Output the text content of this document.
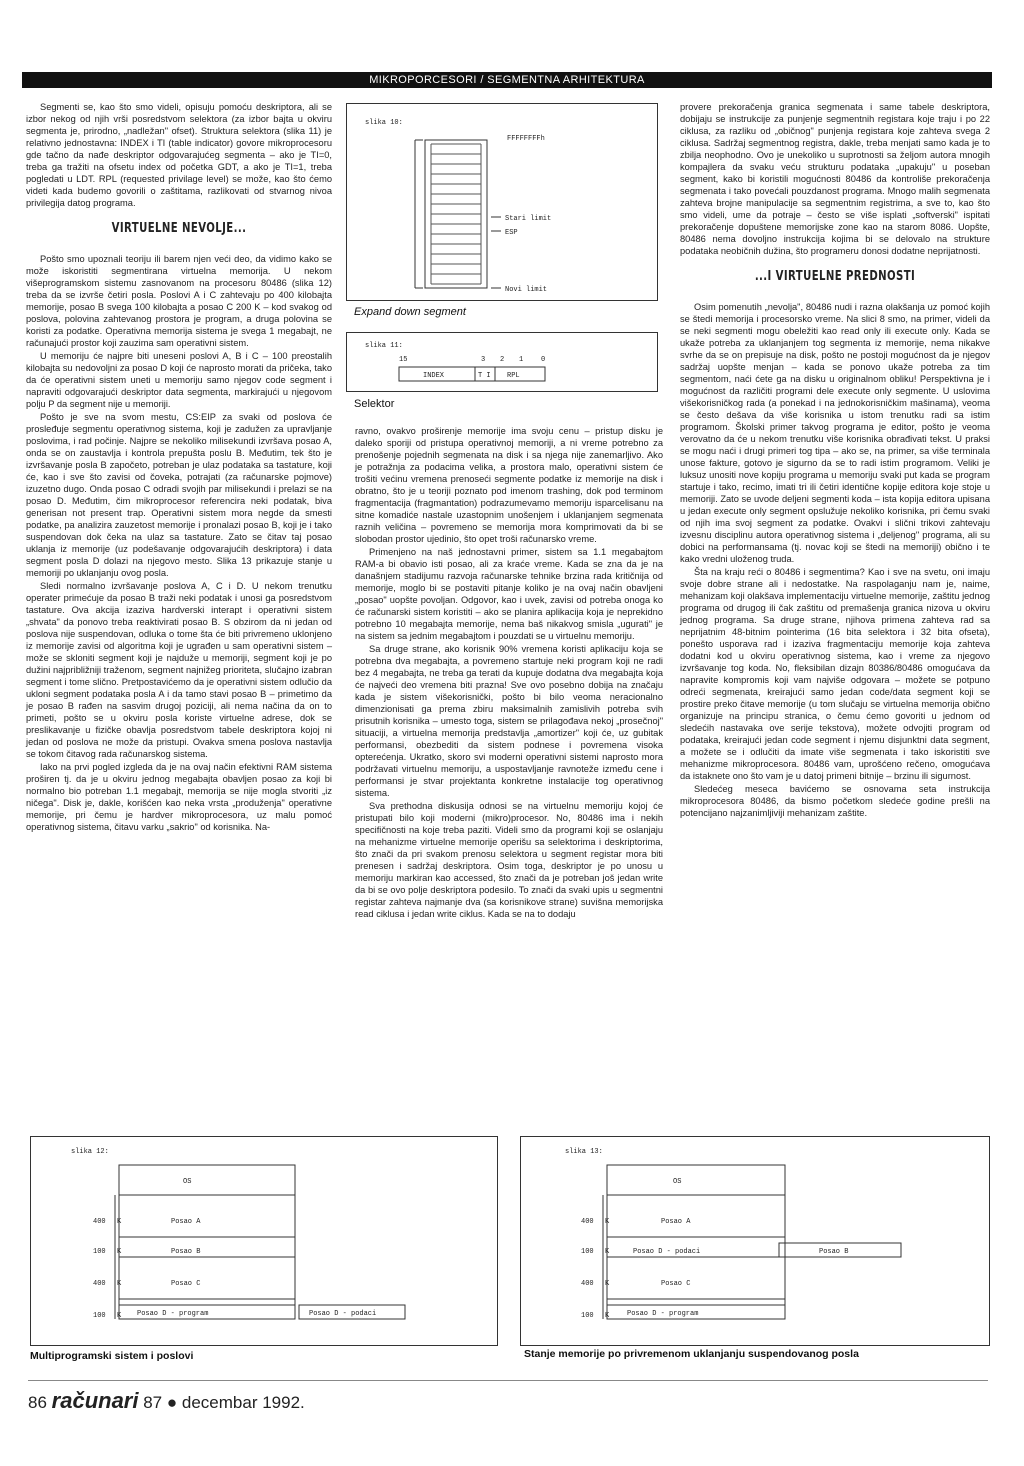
MIKROPORCESORI / SEGMENTNA ARHITEKTURA

Segmenti se, kao što smo videli, opisuju pomoću deskriptora, ali se izbor nekog od njih vrši posredstvom selektora (za izbor bajta u okviru segmenta je, prirodno, „nadležan" ofset). Struktura selektora (slika 11) je relativno jednostavna: INDEX i TI (table indicator) govore mikroprocesoru gde tačno da nađe deskriptor odgovarajućeg segmenta – ako je TI=0, treba ga tražiti na ofsetu index od početka GDT, a ako je TI=1, treba pogledati u LDT. RPL (requested privilage level) se može, kao što ćemo videti kada budemo govorili o zaštitama, razlikovati od stvarnog nivoa privilegija datog programa.

VIRTUELNE NEVOLJE...

Pošto smo upoznali teoriju ili barem njen veći deo, da vidimo kako se može iskoristiti segmentirana virtuelna memorija. U nekom višeprogramskom sistemu zasnovanom na procesoru 80486 (slika 12) treba da se izvrše četiri posla. Poslovi A i C zahtevaju po 400 kilobajta memorije, posao B svega 100 kilobajta a posao C 200 K – kod svakog od poslova, polovina zahtevanog prostora je program, a druga polovina se koristi za podatke. Operativna memorija sistema je svega 1 megabajt, ne računajući prostor koji zauzima sam operativni sistem.

U memoriju će najpre biti uneseni poslovi A, B i C – 100 preostalih kilobajta su nedovoljni za posao D koji će naprosto morati da pričeka, tako da će operativni sistem uneti u memoriju samo njegov code segment i napraviti odgovarajući deskriptor data segmenta, markirajući u njegovom polju P da segment nije u memoriji.

Pošto je sve na svom mestu, CS:EIP za svaki od poslova će prosleđuje segmentu operativnog sistema, koji je zadužen za upravljanje poslovima, i rad počinje. Najpre se nekoliko milisekundi izvršava posao A, onda se on zaustavlja i kontrola prepušta poslu B. Međutim, tek što je izvršavanje posla B započeto, potreban je ulaz podataka sa tastature, koji će, kao i sve što zavisi od čoveka, potrajati (za računarske pojmove) izuzetno dugo. Onda posao C odradi svojih par milisekundi i prelazi se na posao D. Međutim, čim mikroprocesor referencira neki podatak, biva generisan not present trap. Operativni sistem mora negde da smesti podatke, pa analizira zauzetost memorije i pronalazi posao B, koji je i tako suspendovan dok čeka na ulaz sa tastature. Zato se čitav taj posao uklanja iz memorije (uz podešavanje odgovarajućih deskriptora) i data segment posla D dolazi na njegovo mesto. Slika 13 prikazuje stanje u memoriji po uklanjanju ovog posla.

Sledi normalno izvršavanje poslova A, C i D. U nekom trenutku operater primećuje da posao B traži neki podatak i unosi ga posredstvom tastature. Ova akcija izaziva hardverski interapt i operativni sistem „shvata" da ponovo treba reaktivirati posao B. S obzirom da ni jedan od poslova nije suspendovan, odluka o tome šta će biti privremeno uklonjeno iz memorije zavisi od algoritma koji je ugrađen u sam operativni sistem – može se skloniti segment koji je najduže u memoriji, segment koji je po dužini najpribližniji traženom, segment najnižeg prioriteta, slučajno izabran segment i tome slično. Pretpostavićemo da je operativni sistem odlučio da ukloni segment podataka posla A i da tamo stavi posao B – primetimo da je posao B rađen na sasvim drugoj poziciji, ali nema načina da on to primeti, pošto se u okviru posla koriste virtuelne adrese, dok se preslikavanje u fizičke obavlja posredstvom tabele deskriptora kojoj ni jedan od poslova ne može da pristupi. Ovakva smena poslova nastavlja se tokom čitavog rada računarskog sistema.

Iako na prvi pogled izgleda da je na ovaj način efektivni RAM sistema proširen tj. da je u okviru jednog megabajta obavljen posao za koji bi normalno bio potreban 1.1 megabajt, memorija se nije mogla stvoriti „iz ničega". Disk je, dakle, korišćen kao neka vrsta „produženja" operativne memorije, pri čemu je hardver mikroprocesora, uz malu pomoć operativnog sistema, čitavu varku „sakrio" od korisnika. Na-

slika 10:
FFFFFFFFh
Stari limit
ESP
Novi limit
Expand down segment
slika 11:
15	3 2 1	0
INDEX	T I RPL
Selektor

ravno, ovakvo proširenje memorije ima svoju cenu – pristup disku je daleko sporiji od pristupa operativnoj memoriji, a ni vreme potrebno za prenošenje pojednih segmenata na disk i sa njega nije zanemarljivo. Ako je potražnja za podacima velika, a prostora malo, operativni sistem će trošiti većinu vremena prenoseći segmente podatke iz memorije na disk i obratno, što je u teoriji poznato pod imenom trashing, dok pod terminom fragmentacija (fragmantation) podrazumevamo memoriju isparcelisanu na sitne komadiće nastale uzastopnim unošenjem i uklanjanjem segmenata raznih veličina – povremeno se memorija mora komprimovati da bi se slobodan prostor ujedinio, što opet troši računarsko vreme.

Primenjeno na naš jednostavni primer, sistem sa 1.1 megabajtom RAM-a bi obavio isti posao, ali za kraće vreme. Kada se zna da je na današnjem stadijumu razvoja računarske tehnike brzina rada kritičnija od memorije, moglo bi se postaviti pitanje koliko je na ovaj način obavljeni „posao" uopšte povoljan. Odgovor, kao i uvek, zavisi od potreba onoga ko će računarski sistem koristiti – ako se planira aplikacija koja je neprekidno potrebno 10 megabajta memorije, nema baš nikakvog smisla „ugurati" je na sistem sa jednim megabajtom i pouzdati se u virtuelnu memoriju.

Sa druge strane, ako korisnik 90% vremena koristi aplikaciju koja se potrebna dva megabajta, a povremeno startuje neki program koji ne radi bez 4 megabajta, ne treba ga terati da kupuje dodatna dva megabajta koja će najveći deo vremena biti prazna! Sve ovo posebno dobija na značaju kada je sistem višekorisnički, pošto bi bilo veoma neracionalno dimenzionisati ga prema zbiru maksimalnih zamislivih potreba svih prisutnih korisnika – umesto toga, sistem se prilagođava nekoj „prosečnoj" situaciji, a virtuelna memorija predstavlja „amortizer" koji će, uz gubitak performansi, obezbediti da sistem podnese i povremena visoka opterećenja. Ukratko, skoro svi moderni operativni sistemi naprosto mora podržavati virtuelnu memoriju, a uspostavljanje ravnoteže između cene i performansi je stvar projektanta konkretne instalacije tog operativnog sistema.

Sva prethodna diskusija odnosi se na virtuelnu memoriju kojoj će pristupati bilo koji moderni (mikro)procesor. No, 80486 ima i nekih specifičnosti na koje treba paziti. Videli smo da programi koji se oslanjaju na mehanizme virtuelne memorije operišu sa selektorima i deskriptorima, što znači da pri svakom prenosu selektora u segment registar mora biti prenesen i sadržaj deskriptora. Osim toga, deskriptor je po unosu u memoriju markiran kao accessed, što znači da je potreban još jedan write da bi se ovo polje deskriptora podesilo. To znači da svaki upis u segmentni registar zahteva najmanje dva (sa korisnikove strane) suvišna memorijska read ciklusa i jedan write ciklus. Kada se na to dodaju

provere prekoračenja granica segmenata i same tabele deskriptora, dobijaju se instrukcije za punjenje segmentnih registara koje traju i po 22 ciklusa, za razliku od „običnog" punjenja registara koje zahteva svega 2 ciklusa. Sadržaj segmentnog registra, dakle, treba menjati samo kada je to zbilja neophodno. Ovo je unekoliko u suprotnosti sa željom autora mnogih kompajlera da svaku veću strukturu podataka „upakuju" u poseban segment, kako bi koristili mogućnosti 80486 da kontroliše prekoračenja segmenata i tako povećali pouzdanost programa. Mnogo malih segmenata zahteva brojne manipulacije sa segmentnim registrima, a sve to, kao što smo videli, ume da potraje – često se više isplati „softverski" ispitati prekoračenje dopuštene memorijske zone kao na starom 8086. Uopšte, 80486 nema dovoljno instrukcija kojima bi se delovalo na strukture podataka neobičnih dužina, što programeru donosi dodatne neprijatnosti.

...I VIRTUELNE PREDNOSTI

Osim pomenutih „nevolja", 80486 nudi i razna olakšanja uz pomoć kojih se štedi memorija i procesorsko vreme. Na slici 8 smo, na primer, videli da se neki segmenti mogu obeležiti kao read only ili execute only. Kada se ukaže potreba za uklanjanjem tog segmenta iz memorije, nema nikakve svrhe da se on prepisuje na disk, pošto ne postoji mogućnost da je njegov sadržaj uopšte menjan – kada se ponovo ukaže potreba za tim segmentom, naći ćete ga na disku u originalnom obliku! Perspektivna je i mogućnost da različiti programi dele execute only segmente. U uslovima višekorisničkog rada (a ponekad i na jednokorisničkim mašinama), veoma se često dešava da više korisnika u istom trenutku radi sa istim programom. Školski primer takvog programa je editor, pošto je veoma verovatno da će u nekom trenutku više korisnika obrađivati tekst. U praksi se mogu naći i drugi primeri tog tipa – ako se, na primer, sa više terminala unose fakture, gotovo je sigurno da se to radi istim programom. Veliki je luksuz unositi nove kopiju programa u memoriju svaki put kada se program startuje i tako, recimo, imati tri ili četiri identične kopije editora koje stoje u memoriji. Zato se uvode deljeni segmenti koda – ista kopija editora upisana u jedan execute only segment opslužuje nekoliko korisnika, pri čemu svaki od njih ima svoj segment za podatke. Ovakvi i slični trikovi zahtevaju izvesnu disciplinu autora operativnog sistema i „deljenog" programa, ali su dobici na performansama (tj. novac koji se štedi na memoriji) obično i te kako vredni uloženog truda.

Šta na kraju reći o 80486 i segmentima? Kao i sve na svetu, oni imaju svoje dobre strane ali i nedostatke. Na raspolaganju nam je, naime, mehanizam koji olakšava implementaciju virtuelne memorije, zaštitu jednog programa od drugog ili čak zaštitu od premašenja granica nizova u okviru jednog programa. Sa druge strane, njihova primena zahteva rad sa neprijatnim 48-bitnim pointerima (16 bita selektora i 32 bita ofseta), ponešto usporava rad i izaziva fragmentaciju memorije koja zahteva dodatni kod u okviru operativnog sistema, kao i vreme za njegovo izvršavanje tog koda. No, fleksibilan dizajn 80386/80486 omogućava da napravite kompromis koji vam najviše odgovara – možete se potpuno odreći segmenata, kreirajući samo jedan code/data segment koji se prostire preko čitave memorije (u tom slučaju se virtuelna memorija obično organizuje na principu stranica, o čemu ćemo govoriti u jednom od sledećih nastavaka ove serije tekstova), možete odvojiti program od podataka, kreirajući jedan code segment i njemu disjunktni data segment, a možete se i odlučiti da imate više segmenata i tako iskoristiti sve mehanizme mikroprocesora. 80486 vam, uprošćeno rečeno, omogućava da istaknete ono što vam je u datoj primeni bitnije – brzinu ili sigurnost.

Sledećeg meseca bavićemo se osnovama seta instrukcija mikroprocesora 80486, da bismo početkom sledeće godine prešli na potencijano najzanimljiviji mehanizam zaštite.

slika 12:
OS
Posao A
Posao B
Posao C
Posao D - program	Posao D - podaci
400 K
100 K
400 K
100 K
Multiprogramski sistem i poslovi
slika 13:
OS
Posao A
Posao D - podaci
Posao C
Posao D - program
Posao B
400 K
100 K
400 K
100 K
Stanje memorije po privremenom uklanjanju suspendovanog posla
86 računari 87 ● decembar 1992.
